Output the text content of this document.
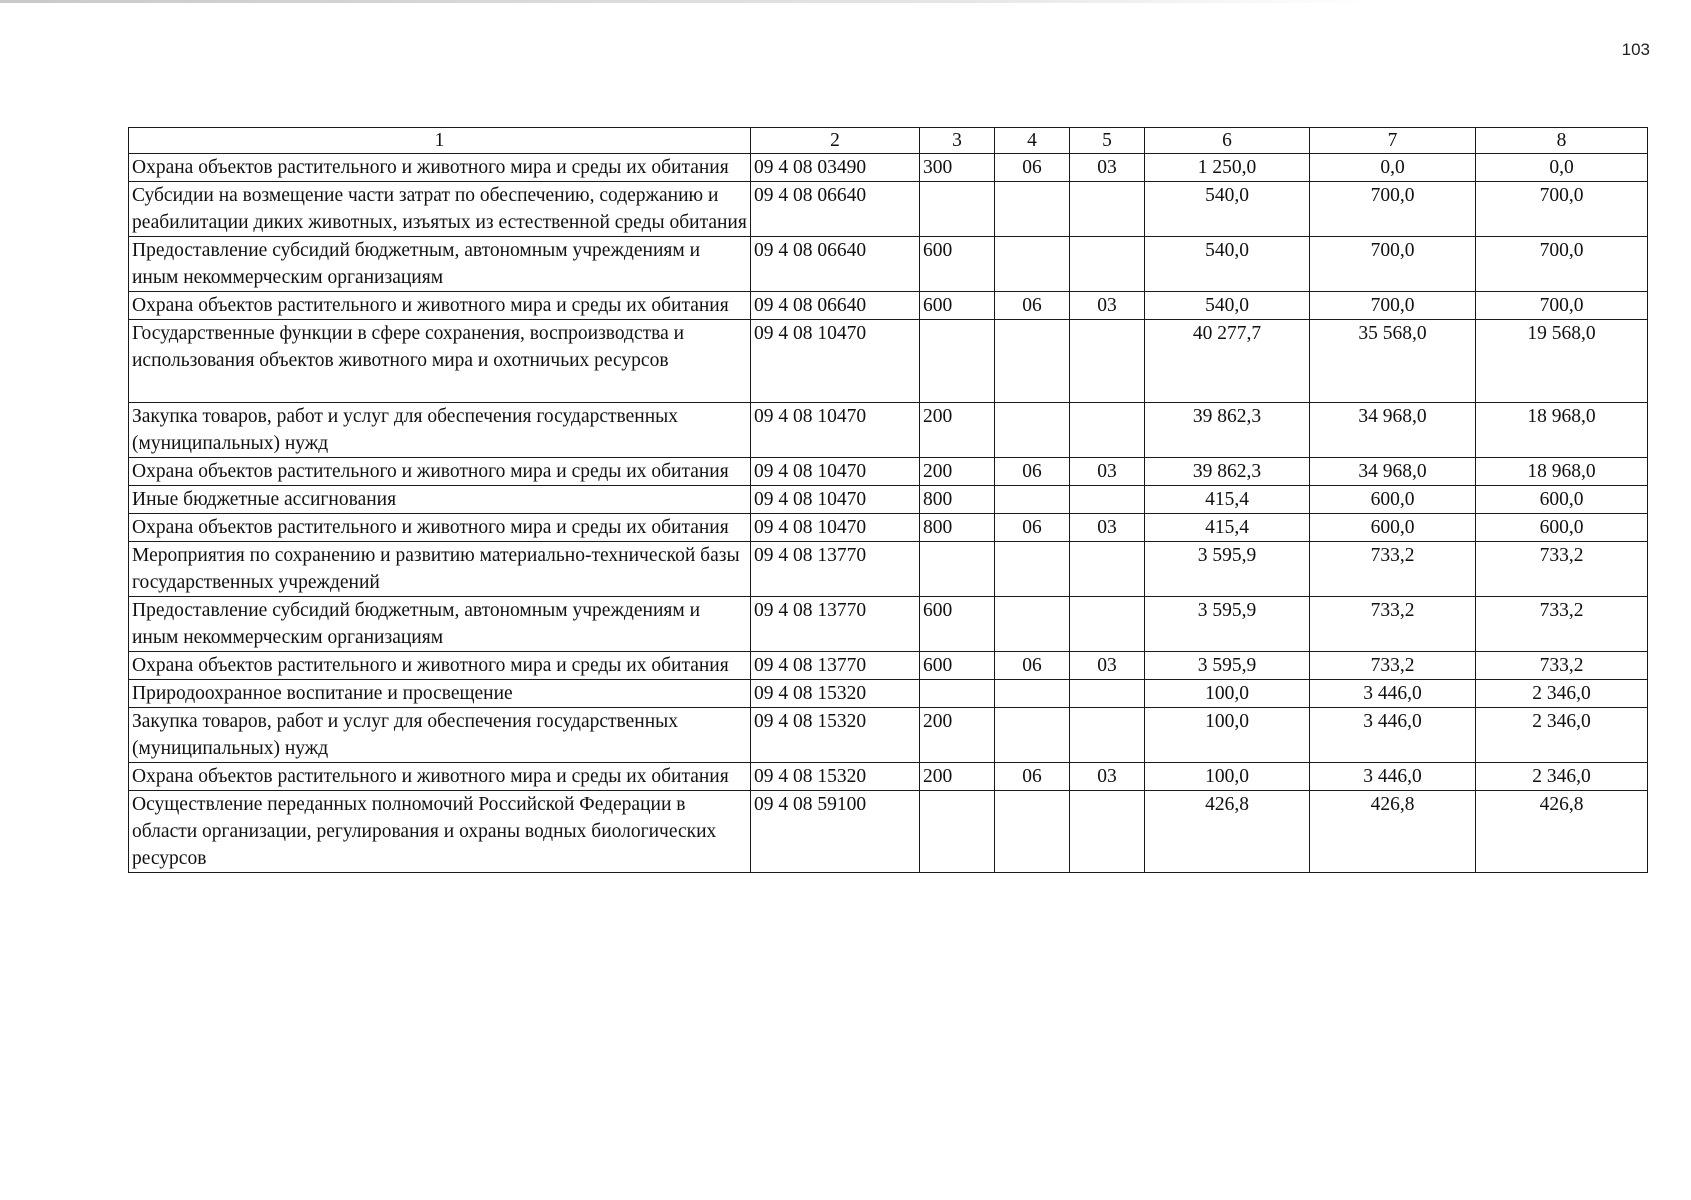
103
1	2	3	4	5	6	7	8
Охрана объектов растительного и животного мира и среды их обитания	09 4 08 03490	300	06	03	1 250,0	0,0	0,0
Субсидии на возмещение части затрат по обеспечению, содержанию и реабилитации диких животных, изъятых из естественной среды обитания	09 4 08 06640				540,0	700,0	700,0
Предоставление субсидий бюджетным, автономным учреждениям и иным некоммерческим организациям	09 4 08 06640	600			540,0	700,0	700,0
Охрана объектов растительного и животного мира и среды их обитания	09 4 08 06640	600	06	03	540,0	700,0	700,0
Государственные функции в сфере сохранения, воспроизводства и использования объектов животного мира и охотничьих ресурсов	09 4 08 10470				40 277,7	35 568,0	19 568,0
Закупка товаров, работ и услуг для обеспечения государственных (муниципальных) нужд	09 4 08 10470	200			39 862,3	34 968,0	18 968,0
Охрана объектов растительного и животного мира и среды их обитания	09 4 08 10470	200	06	03	39 862,3	34 968,0	18 968,0
Иные бюджетные ассигнования	09 4 08 10470	800			415,4	600,0	600,0
Охрана объектов растительного и животного мира и среды их обитания	09 4 08 10470	800	06	03	415,4	600,0	600,0
Мероприятия по сохранению и развитию материально-технической базы государственных учреждений	09 4 08 13770				3 595,9	733,2	733,2
Предоставление субсидий бюджетным, автономным учреждениям и иным некоммерческим организациям	09 4 08 13770	600			3 595,9	733,2	733,2
Охрана объектов растительного и животного мира и среды их обитания	09 4 08 13770	600	06	03	3 595,9	733,2	733,2
Природоохранное воспитание и просвещение	09 4 08 15320				100,0	3 446,0	2 346,0
Закупка товаров, работ и услуг для обеспечения государственных (муниципальных) нужд	09 4 08 15320	200			100,0	3 446,0	2 346,0
Охрана объектов растительного и животного мира и среды их обитания	09 4 08 15320	200	06	03	100,0	3 446,0	2 346,0
Осуществление переданных полномочий Российской Федерации в области организации, регулирования и охраны водных биологических ресурсов	09 4 08 59100				426,8	426,8	426,8
